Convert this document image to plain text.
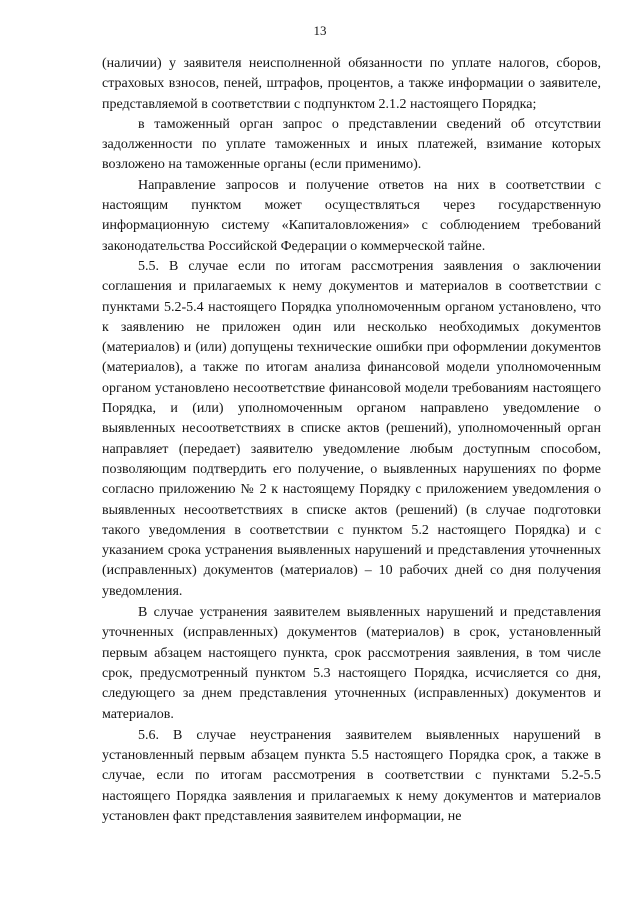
13

(наличии) у заявителя неисполненной обязанности по уплате налогов, сборов, страховых взносов, пеней, штрафов, процентов, а также информации о заявителе, представляемой в соответствии с подпунктом 2.1.2 настоящего Порядка;

в таможенный орган запрос о представлении сведений об отсутствии задолженности по уплате таможенных и иных платежей, взимание которых возложено на таможенные органы (если применимо).

Направление запросов и получение ответов на них в соответствии с настоящим пунктом может осуществляться через государственную информационную систему «Капиталовложения» с соблюдением требований законодательства Российской Федерации о коммерческой тайне.

5.5. В случае если по итогам рассмотрения заявления о заключении соглашения и прилагаемых к нему документов и материалов в соответствии с пунктами 5.2-5.4 настоящего Порядка уполномоченным органом установлено, что к заявлению не приложен один или несколько необходимых документов (материалов) и (или) допущены технические ошибки при оформлении документов (материалов), а также по итогам анализа финансовой модели уполномоченным органом установлено несоответствие финансовой модели требованиям настоящего Порядка, и (или) уполномоченным органом направлено уведомление о выявленных несоответствиях в списке актов (решений), уполномоченный орган направляет (передает) заявителю уведомление любым доступным способом, позволяющим подтвердить его получение, о выявленных нарушениях по форме согласно приложению № 2 к настоящему Порядку с приложением уведомления о выявленных несоответствиях в списке актов (решений) (в случае подготовки такого уведомления в соответствии с пунктом 5.2 настоящего Порядка) и с указанием срока устранения выявленных нарушений и представления уточненных (исправленных) документов (материалов) – 10 рабочих дней со дня получения уведомления.

В случае устранения заявителем выявленных нарушений и представления уточненных (исправленных) документов (материалов) в срок, установленный первым абзацем настоящего пункта, срок рассмотрения заявления, в том числе срок, предусмотренный пунктом 5.3 настоящего Порядка, исчисляется со дня, следующего за днем представления уточненных (исправленных) документов и материалов.

5.6. В случае неустранения заявителем выявленных нарушений в установленный первым абзацем пункта 5.5 настоящего Порядка срок, а также в случае, если по итогам рассмотрения в соответствии с пунктами 5.2-5.5 настоящего Порядка заявления и прилагаемых к нему документов и материалов установлен факт представления заявителем информации, не
